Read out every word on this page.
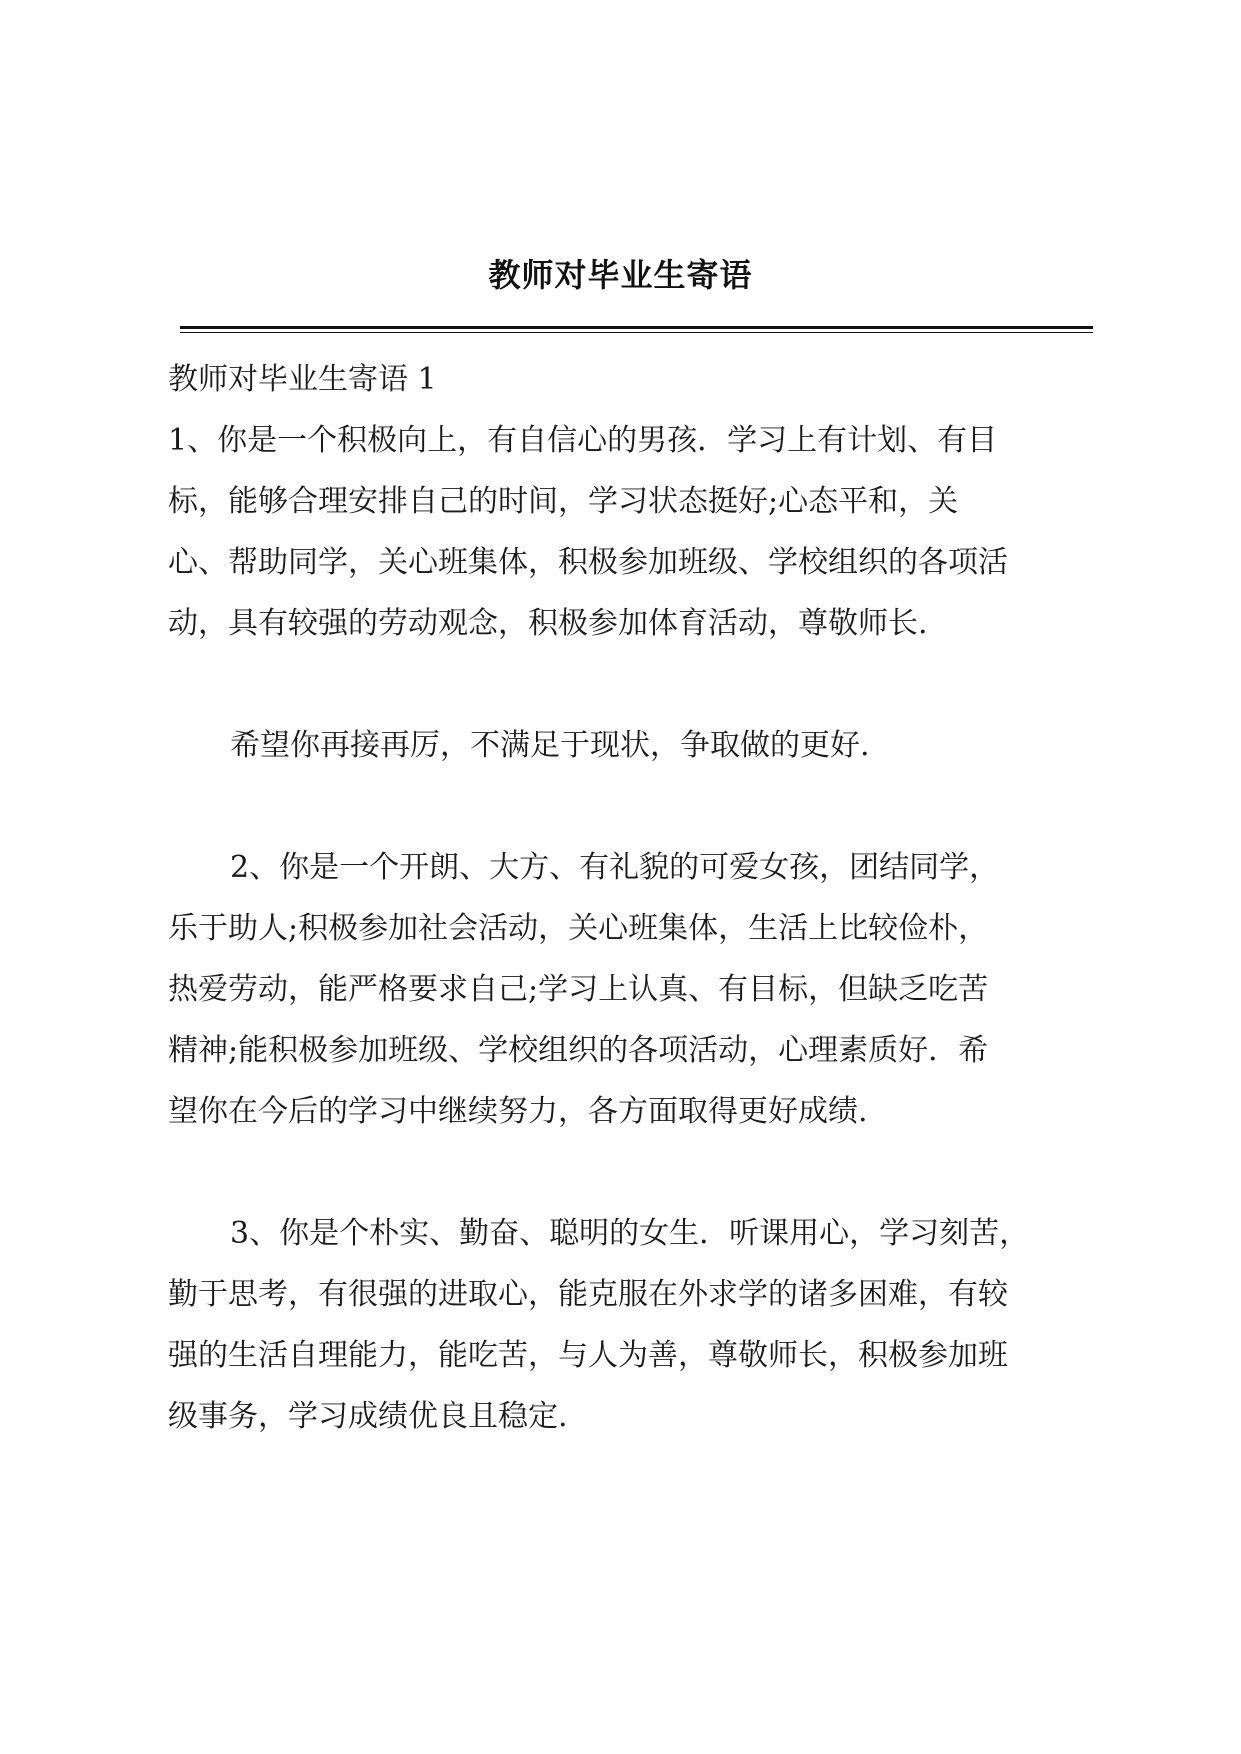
教师对毕业生寄语
教师对毕业生寄语 1
1、你是一个积极向上，有自信心的男孩．学习上有计划、有目
标，能够合理安排自己的时间，学习状态挺好;心态平和，关
心、帮助同学，关心班集体，积极参加班级、学校组织的各项活
动，具有较强的劳动观念，积极参加体育活动，尊敬师长.
希望你再接再厉，不满足于现状，争取做的更好.
2、你是一个开朗、大方、有礼貌的可爱女孩，团结同学，
乐于助人;积极参加社会活动，关心班集体，生活上比较俭朴，
热爱劳动，能严格要求自己;学习上认真、有目标，但缺乏吃苦
精神;能积极参加班级、学校组织的各项活动，心理素质好．希
望你在今后的学习中继续努力，各方面取得更好成绩.
3、你是个朴实、勤奋、聪明的女生．听课用心，学习刻苦，
勤于思考，有很强的进取心，能克服在外求学的诸多困难，有较
强的生活自理能力，能吃苦，与人为善，尊敬师长，积极参加班
级事务，学习成绩优良且稳定.
